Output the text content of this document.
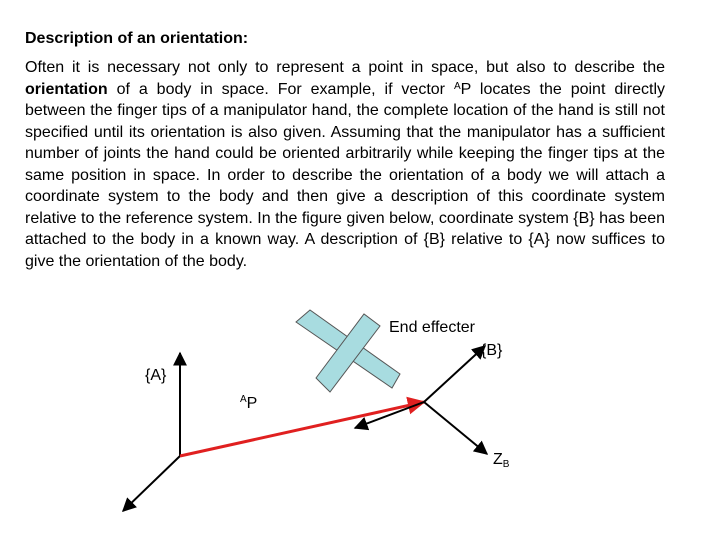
Description of an orientation:

Often it is necessary not only to represent a point in space, but also to describe the orientation of a body in space. For example, if vector $^A$P locates the point directly between the finger tips of a manipulator hand, the complete location of the hand is still not specified until its orientation is also given. Assuming that the manipulator has a sufficient number of joints the hand could be oriented arbitrarily while keeping the finger tips at the same position in space. In order to describe the orientation of a body we will attach a coordinate system to the body and then give a description of this coordinate system relative to the reference system. In the figure given below, coordinate system {B} has been attached to the body in a known way. A description of {B} relative to {A} now suffices to give the orientation of the body.

End effecter
{B}
{A}
$^A$P
$Z_B$
